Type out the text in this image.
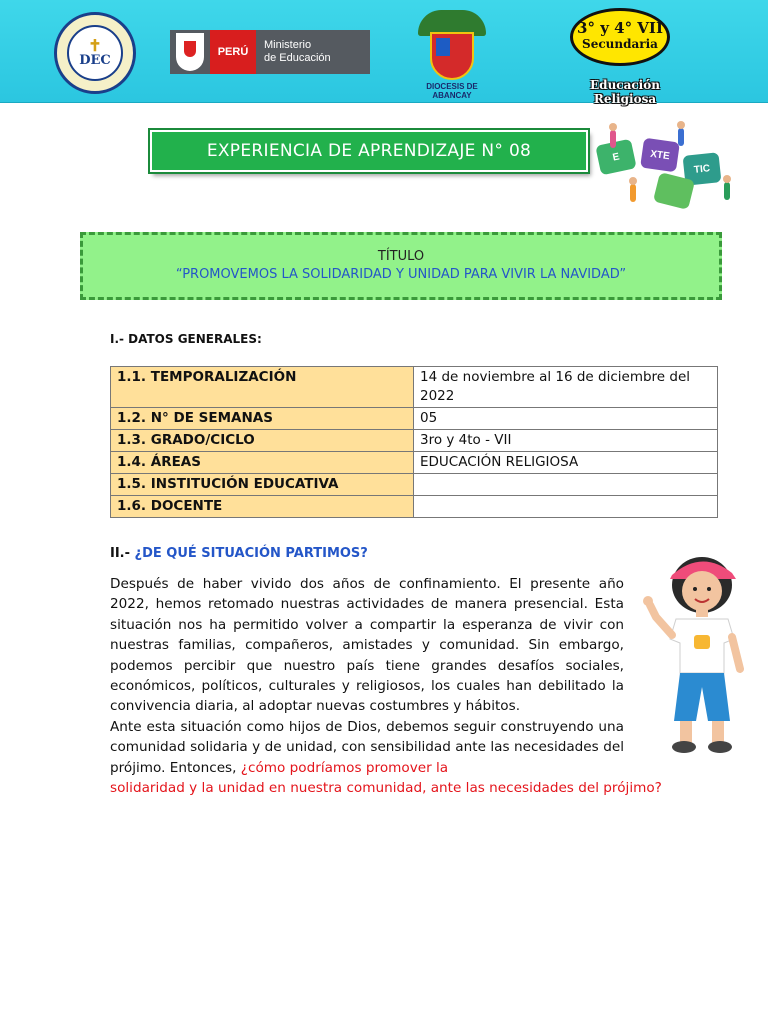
✝
DEC
PERÚ
Ministerio
de Educación
DIOCESIS DE ABANCAY
3° y 4° VII
Secundaria
Educación Religiosa
EXPERIENCIA DE APRENDIZAJE N° 08	E	XTE
TIC
TÍTULO
“PROMOVEMOS LA SOLIDARIDAD Y UNIDAD PARA VIVIR LA NAVIDAD”
I.- DATOS GENERALES:
1.1. TEMPORALIZACIÓN	14 de noviembre al 16 de diciembre del 2022
1.2. N° DE SEMANAS	05
1.3. GRADO/CICLO	3ro y 4to - VII
1.4. ÁREAS	EDUCACIÓN RELIGIOSA
1.5. INSTITUCIÓN EDUCATIVA	
1.6. DOCENTE	
II.- ¿DE QUÉ SITUACIÓN PARTIMOS?

Después de haber vivido dos años de confinamiento. El presente año 2022, hemos retomado nuestras actividades de manera presencial. Esta situación nos ha permitido volver a compartir la esperanza de vivir con nuestras familias, compañeros, amistades y comunidad. Sin embargo, podemos percibir que nuestro país tiene grandes desafíos sociales, económicos, políticos, culturales y religiosos, los cuales han debilitado la convivencia diaria, al adoptar nuevas costumbres y hábitos.

Ante esta situación como hijos de Dios, debemos seguir construyendo una comunidad solidaria y de unidad, con sensibilidad ante las necesidades del prójimo. Entonces, ¿cómo podríamos promover la

solidaridad y la unidad en nuestra comunidad, ante las necesidades del prójimo?
